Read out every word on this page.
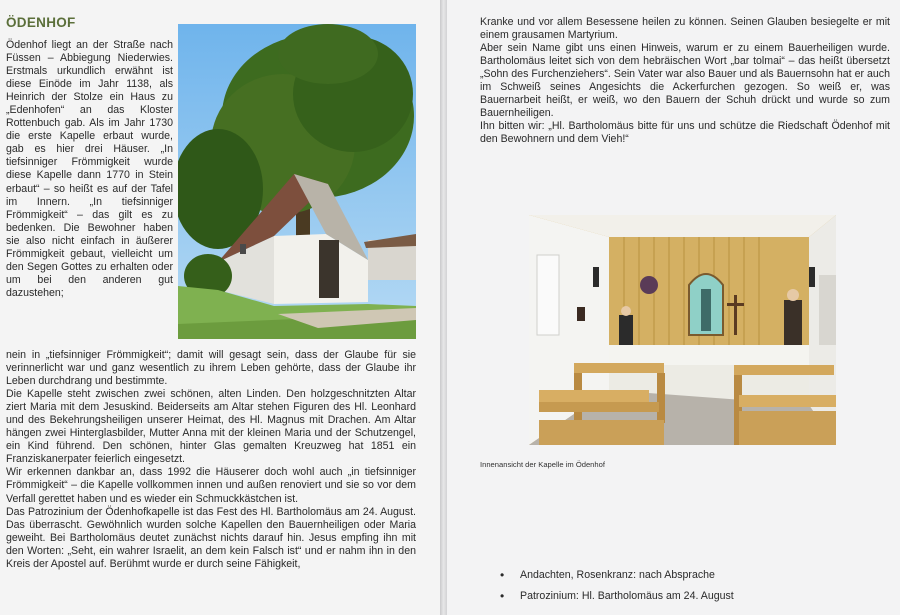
ÖDENHOF
Ödenhof liegt an der Straße nach Füssen – Abbiegung Niederwies. Erstmals urkundlich erwähnt ist diese Einöde im Jahr 1138, als Heinrich der Stolze ein Haus zu „Edenhofen“ an das Kloster Rottenbuch gab. Als im Jahr 1730 die erste Kapelle erbaut wurde, gab es hier drei Häuser. „In tiefsinniger Frömmigkeit wurde diese Kapelle dann 1770 in Stein erbaut“ – so heißt es auf der Tafel im Innern. „In tiefsinniger Frömmigkeit“ – das gilt es zu bedenken. Die Bewohner haben sie also nicht einfach in äußerer Frömmigkeit gebaut, vielleicht um den Segen Gottes zu erhalten oder um bei den anderen gut dazustehen;
nein in „tiefsinniger Frömmigkeit“; damit will gesagt sein, dass der Glaube für sie verinnerlicht war und ganz wesentlich zu ihrem Leben gehörte, dass der Glaube ihr Leben durchdrang und bestimmte.
Die Kapelle steht zwischen zwei schönen, alten Linden. Den holzgeschnitzten Altar ziert Maria mit dem Jesuskind. Beiderseits am Altar stehen Figuren des Hl. Leonhard und des Bekehrungsheiligen unserer Heimat, des Hl. Magnus mit Drachen. Am Altar hängen zwei Hinterglasbilder, Mutter Anna mit der kleinen Maria und der Schutzengel, ein Kind führend. Den schönen, hinter Glas gemalten Kreuzweg hat 1851 ein Franziskanerpater feierlich eingesetzt.
Wir erkennen dankbar an, dass 1992 die Häuserer doch wohl auch „in tiefsinniger Frömmigkeit“ – die Kapelle vollkommen innen und außen renoviert und sie so vor dem Verfall gerettet haben und es wieder ein Schmuckkästchen ist.
Das Patrozinium der Ödenhofkapelle ist das Fest des Hl. Bartholomäus am 24. August. Das überrascht. Gewöhnlich wurden solche Kapellen den Bauernheiligen oder Maria geweiht. Bei Bartholomäus deutet zunächst nichts darauf hin. Jesus empfing ihn mit den Worten: „Seht, ein wahrer Israelit, an dem kein Falsch ist“ und er nahm ihn in den Kreis der Apostel auf. Berühmt wurde er durch seine Fähigkeit,
Kranke und vor allem Besessene heilen zu können. Seinen Glauben besiegelte er mit einem grausamen Martyrium.
Aber sein Name gibt uns einen Hinweis, warum er zu einem Bauerheiligen wurde. Bartholomäus leitet sich von dem hebräischen Wort „bar tolmai“ – das heißt übersetzt „Sohn des Furchenziehers“. Sein Vater war also Bauer und als Bauernsohn hat er auch im Schweiß seines Angesichts die Ackerfurchen gezogen. So weiß er, was Bauernarbeit heißt, er weiß, wo den Bauern der Schuh drückt und wurde so zum Bauernheiligen.
Ihn bitten wir: „Hl. Bartholomäus bitte für uns und schütze die Riedschaft Ödenhof mit den Bewohnern und dem Vieh!“
Innenansicht der Kapelle im Ödenhof
• Andachten, Rosenkranz: nach Absprache
• Patrozinium: Hl. Bartholomäus am 24. August
